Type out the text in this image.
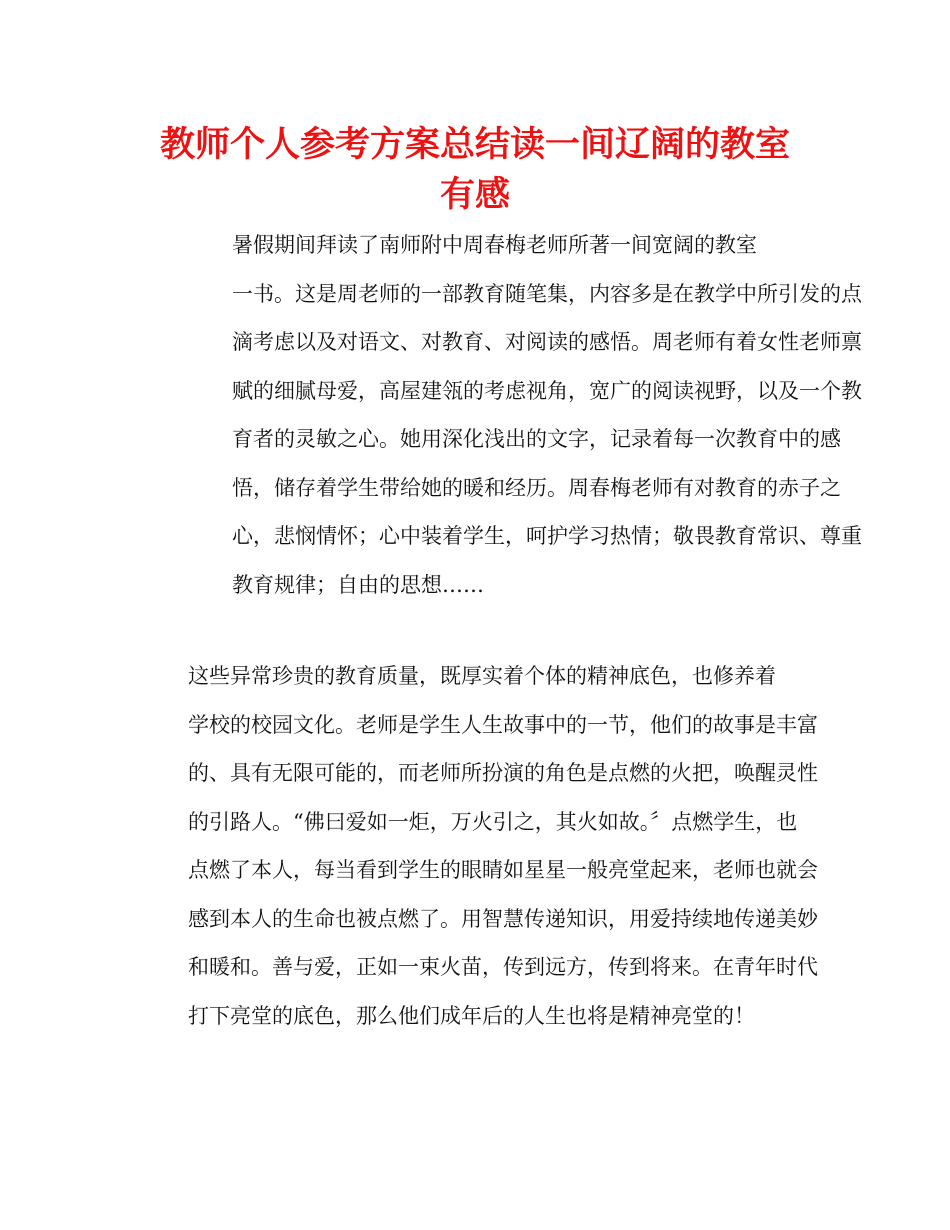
教师个人参考方案总结读一间辽阔的教室
有感

暑假期间拜读了南师附中周春梅老师所著一间宽阔的教室
一书。这是周老师的一部教育随笔集，内容多是在教学中所引发的点
滴考虑以及对语文、对教育、对阅读的感悟。周老师有着女性老师禀
赋的细腻母爱，高屋建瓴的考虑视角，宽广的阅读视野，以及一个教
育者的灵敏之心。她用深化浅出的文字，记录着每一次教育中的感
悟，储存着学生带给她的暖和经历。周春梅老师有对教育的赤子之
心，悲悯情怀；心中装着学生，呵护学习热情；敬畏教育常识、尊重
教育规律；自由的思想……

这些异常珍贵的教育质量，既厚实着个体的精神底色，也修养着
学校的校园文化。老师是学生人生故事中的一节，他们的故事是丰富
的、具有无限可能的，而老师所扮演的角色是点燃的火把，唤醒灵性
的引路人。“佛曰爱如一炬，万火引之，其火如故。〞点燃学生，也
点燃了本人，每当看到学生的眼睛如星星一般亮堂起来，老师也就会
感到本人的生命也被点燃了。用智慧传递知识，用爱持续地传递美妙
和暖和。善与爱，正如一束火苗，传到远方，传到将来。在青年时代
打下亮堂的底色，那么他们成年后的人生也将是精神亮堂的！
